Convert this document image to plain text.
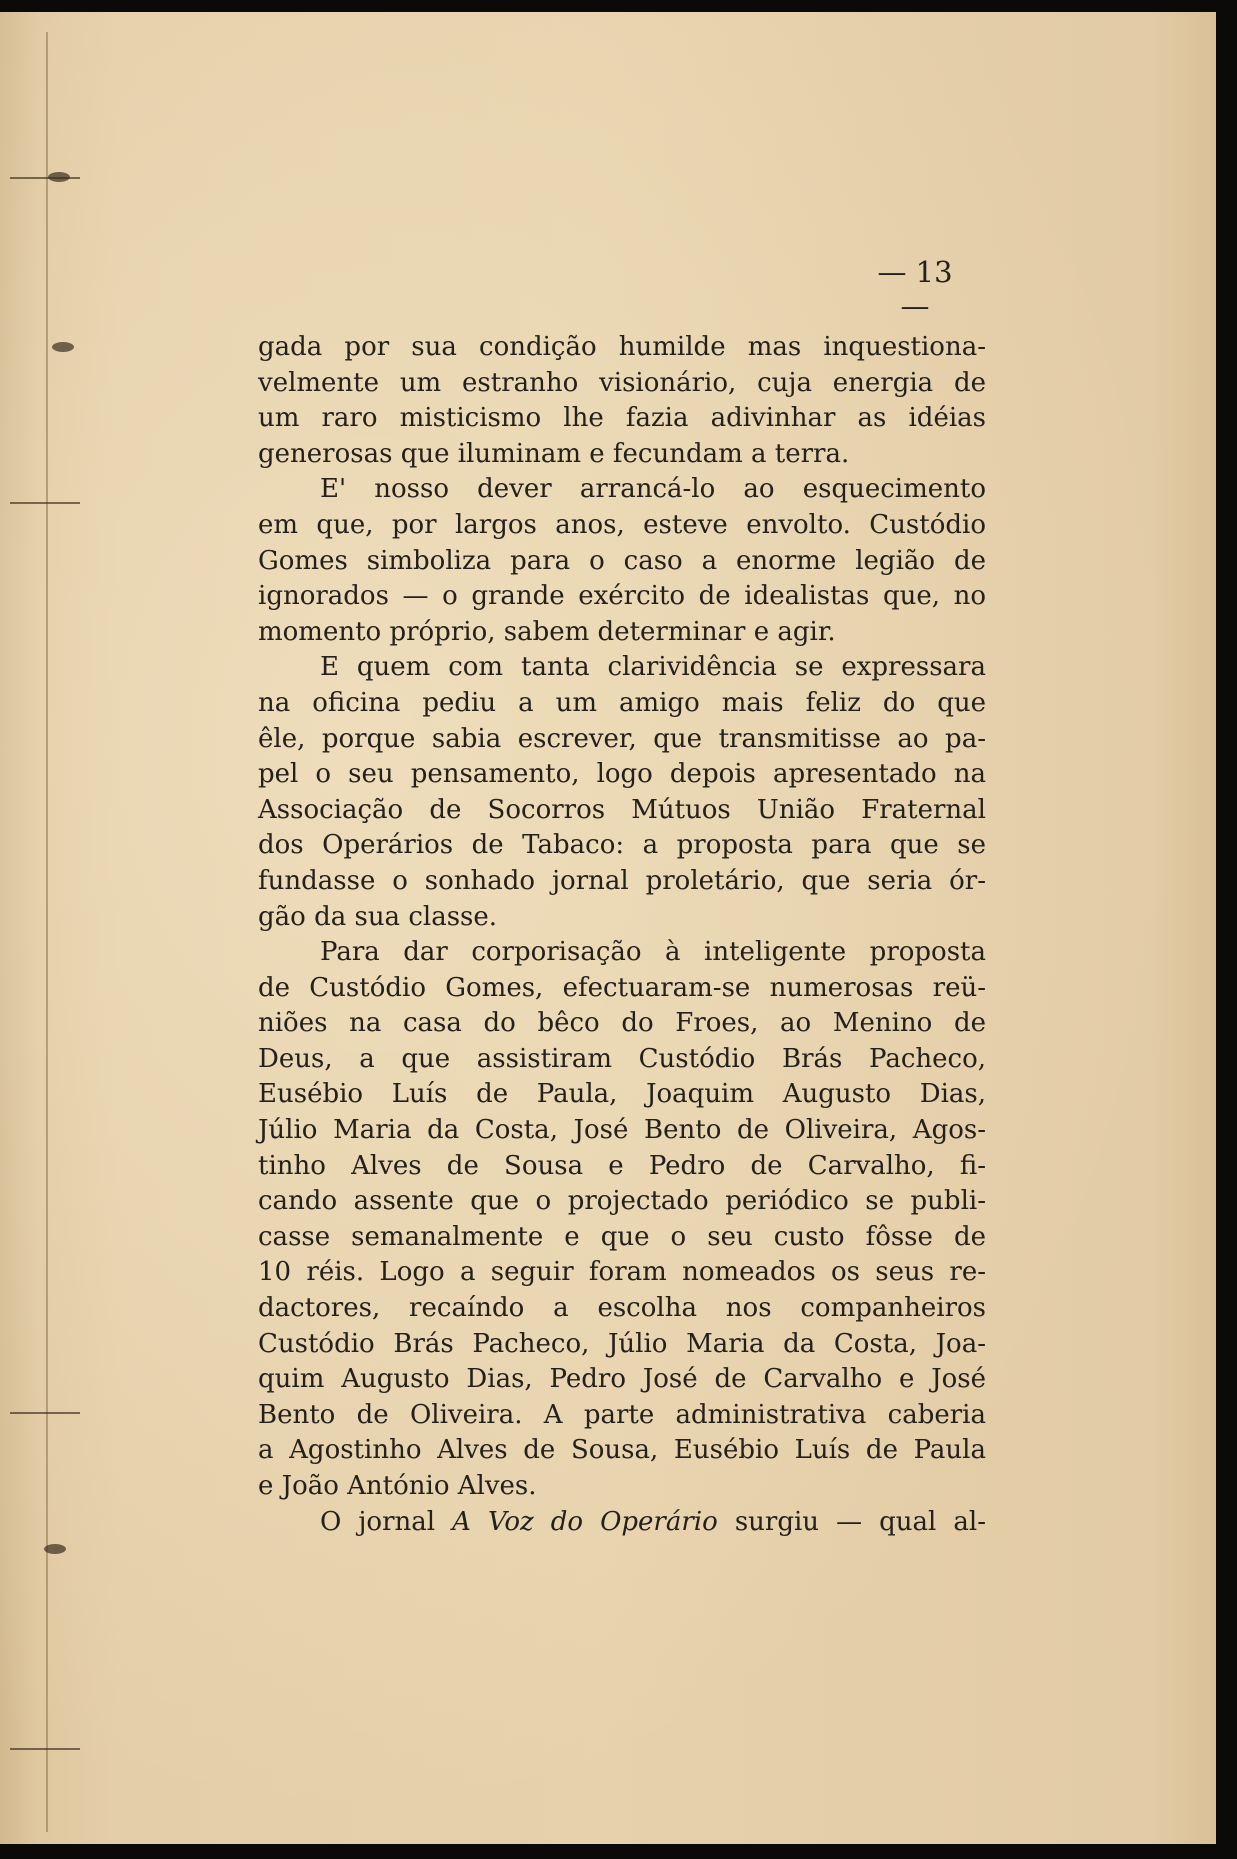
— 13 —
gada por sua condição humilde mas inquestiona-
velmente um estranho visionário, cuja energia de
um raro misticismo lhe fazia adivinhar as idéias
generosas que iluminam e fecundam a terra.
E' nosso dever arrancá-lo ao esquecimento
em que, por largos anos, esteve envolto. Custódio
Gomes simboliza para o caso a enorme legião de
ignorados — o grande exército de idealistas que, no
momento próprio, sabem determinar e agir.
E quem com tanta clarividência se expressara
na oficina pediu a um amigo mais feliz do que
êle, porque sabia escrever, que transmitisse ao pa-
pel o seu pensamento, logo depois apresentado na
Associação de Socorros Mútuos União Fraternal
dos Operários de Tabaco: a proposta para que se
fundasse o sonhado jornal proletário, que seria ór-
gão da sua classe.
Para dar corporisação à inteligente proposta
de Custódio Gomes, efectuaram-se numerosas reü-
niões na casa do bêco do Froes, ao Menino de
Deus, a que assistiram Custódio Brás Pacheco,
Eusébio Luís de Paula, Joaquim Augusto Dias,
Júlio Maria da Costa, José Bento de Oliveira, Agos-
tinho Alves de Sousa e Pedro de Carvalho, fi-
cando assente que o projectado periódico se publi-
casse semanalmente e que o seu custo fôsse de
10 réis. Logo a seguir foram nomeados os seus re-
dactores, recaíndo a escolha nos companheiros
Custódio Brás Pacheco, Júlio Maria da Costa, Joa-
quim Augusto Dias, Pedro José de Carvalho e José
Bento de Oliveira. A parte administrativa caberia
a Agostinho Alves de Sousa, Eusébio Luís de Paula
e João António Alves.
O jornal A Voz do Operário surgiu — qual al-
